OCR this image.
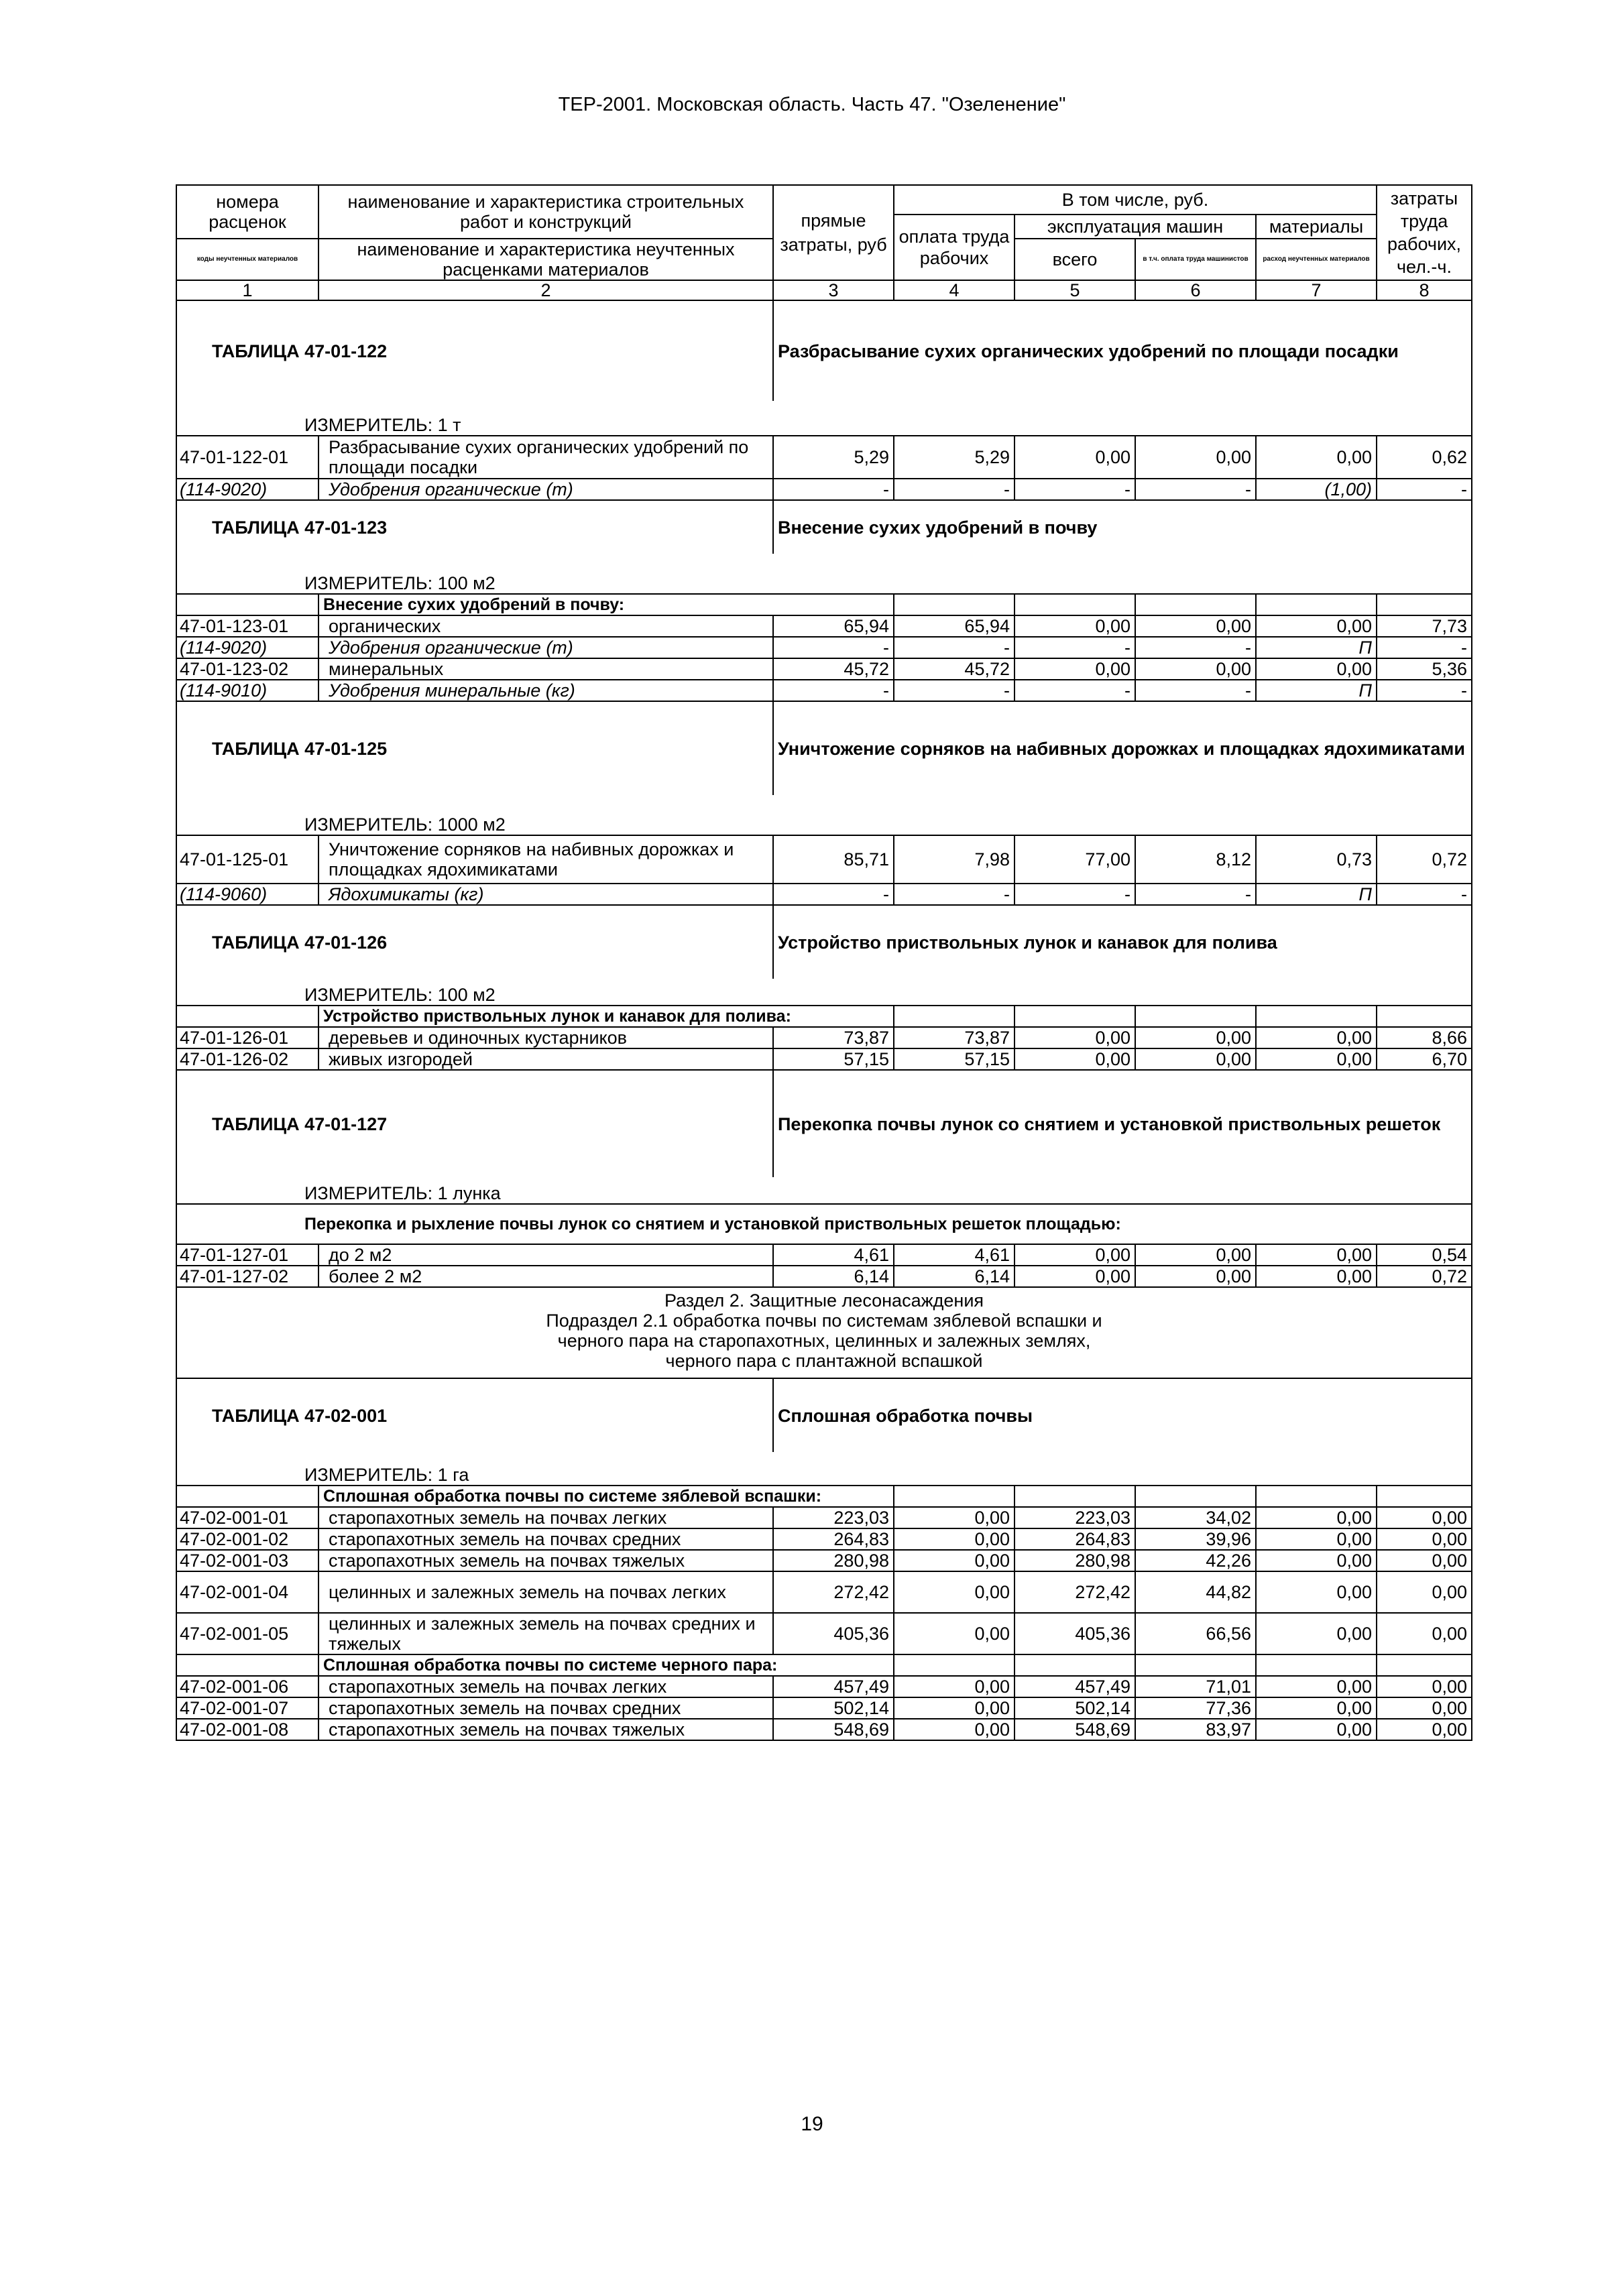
ТЕР-2001. Московская область. Часть 47. "Озеленение"
номера расценок	наименование и характеристика строительных работ и конструкций	прямые затраты, руб	В том числе, руб.				затраты труда рабочих, чел.-ч.
			оплата труда рабочих	эксплуатация машин		материалы	
коды неучтенных материалов	наименование и характеристика неучтенных расценками материалов			всего	в т.ч. оплата труда машинистов	расход неучтенных материалов	
1	2	3	4	5	6	7	8
ТАБЛИЦА 47-01-122		Разбрасывание сухих органических удобрений по площади посадки					
ИЗМЕРИТЕЛЬ: 1 т							
47-01-122-01	Разбрасывание сухих органических удобрений по площади посадки	5,29	5,29	0,00	0,00	0,00	0,62
(114-9020)	Удобрения органические (т)	-	-	-	-	(1,00)	-
ТАБЛИЦА 47-01-123		Внесение сухих удобрений в почву					
ИЗМЕРИТЕЛЬ: 100 м2							
	Внесение сухих удобрений в почву:						
47-01-123-01	органических	65,94	65,94	0,00	0,00	0,00	7,73
(114-9020)	Удобрения органические (т)	-	-	-	-	П	-
47-01-123-02	минеральных	45,72	45,72	0,00	0,00	0,00	5,36
(114-9010)	Удобрения минеральные (кг)	-	-	-	-	П	-
ТАБЛИЦА 47-01-125		Уничтожение сорняков на набивных дорожках и площадках ядохимикатами					
ИЗМЕРИТЕЛЬ: 1000 м2							
47-01-125-01	Уничтожение сорняков на набивных дорожках и площадках ядохимикатами	85,71	7,98	77,00	8,12	0,73	0,72
(114-9060)	Ядохимикаты (кг)	-	-	-	-	П	-
ТАБЛИЦА 47-01-126		Устройство приствольных лунок и канавок для полива					
ИЗМЕРИТЕЛЬ: 100 м2							
	Устройство приствольных лунок и канавок для полива:						
47-01-126-01	деревьев и одиночных кустарников	73,87	73,87	0,00	0,00	0,00	8,66
47-01-126-02	живых изгородей	57,15	57,15	0,00	0,00	0,00	6,70
ТАБЛИЦА 47-01-127		Перекопка почвы лунок со снятием и установкой приствольных решеток					
ИЗМЕРИТЕЛЬ: 1 лунка							
Перекопка и рыхление почвы лунок со снятием и установкой приствольных решеток площадью:							
47-01-127-01	до 2 м2	4,61	4,61	0,00	0,00	0,00	0,54
47-01-127-02	более 2 м2	6,14	6,14	0,00	0,00	0,00	0,72

Раздел 2. Защитные лесонасаждения
Подраздел 2.1 обработка почвы по системам зяблевой вспашки и
черного пара на старопахотных, целинных и залежных землях,
черного пара с плантажной вспашкой							

ТАБЛИЦА 47-02-001		Сплошная обработка почвы					
ИЗМЕРИТЕЛЬ: 1 га							
	Сплошная обработка почвы по системе зяблевой вспашки:						
47-02-001-01	старопахотных земель на почвах легких	223,03	0,00	223,03	34,02	0,00	0,00
47-02-001-02	старопахотных земель на почвах средних	264,83	0,00	264,83	39,96	0,00	0,00
47-02-001-03	старопахотных земель на почвах тяжелых	280,98	0,00	280,98	42,26	0,00	0,00
47-02-001-04	целинных и залежных земель на почвах легких	272,42	0,00	272,42	44,82	0,00	0,00
47-02-001-05	целинных и залежных земель на почвах средних и тяжелых	405,36	0,00	405,36	66,56	0,00	0,00
	Сплошная обработка почвы по системе черного пара:						
47-02-001-06	старопахотных земель на почвах легких	457,49	0,00	457,49	71,01	0,00	0,00
47-02-001-07	старопахотных земель на почвах средних	502,14	0,00	502,14	77,36	0,00	0,00
47-02-001-08	старопахотных земель на почвах тяжелых	548,69	0,00	548,69	83,97	0,00	0,00
19
